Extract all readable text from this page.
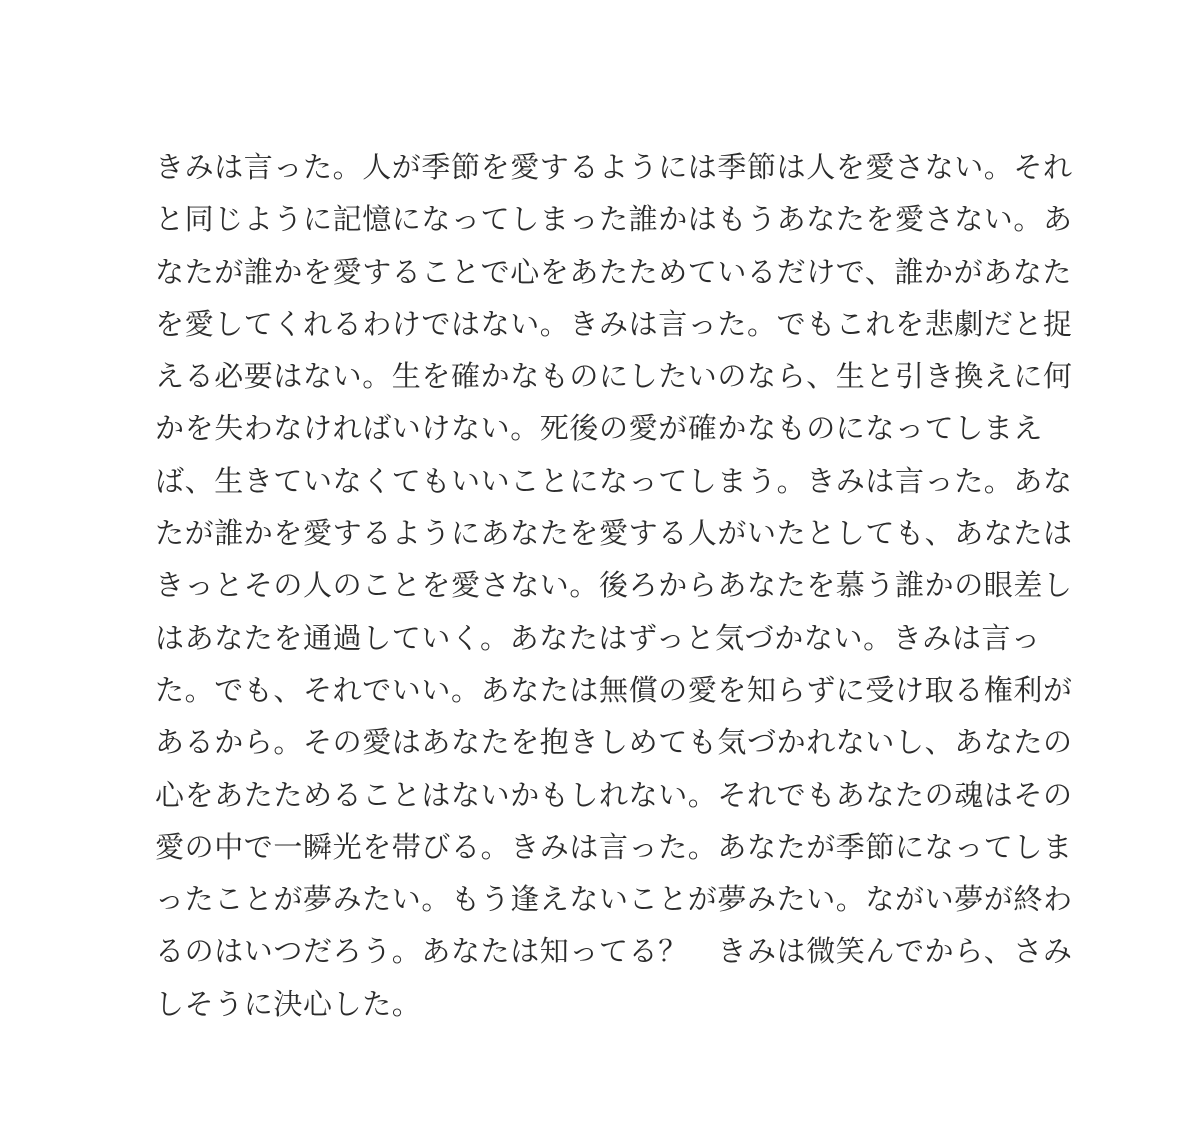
きみは言った。人が季節を愛するようには季節は人を愛さない。それ
と同じように記憶になってしまった誰かはもうあなたを愛さない。あ
なたが誰かを愛することで心をあたためているだけで、誰かがあなた
を愛してくれるわけではない。きみは言った。でもこれを悲劇だと捉
える必要はない。生を確かなものにしたいのなら、生と引き換えに何
かを失わなければいけない。死後の愛が確かなものになってしまえ
ば、生きていなくてもいいことになってしまう。きみは言った。あな
たが誰かを愛するようにあなたを愛する人がいたとしても、あなたは
きっとその人のことを愛さない。後ろからあなたを慕う誰かの眼差し
はあなたを通過していく。あなたはずっと気づかない。きみは言っ
た。でも、それでいい。あなたは無償の愛を知らずに受け取る権利が
あるから。その愛はあなたを抱きしめても気づかれないし、あなたの
心をあたためることはないかもしれない。それでもあなたの魂はその
愛の中で一瞬光を帯びる。きみは言った。あなたが季節になってしま
ったことが夢みたい。もう逢えないことが夢みたい。ながい夢が終わ
るのはいつだろう。あなたは知ってる？　きみは微笑んでから、さみ
しそうに決心した。
